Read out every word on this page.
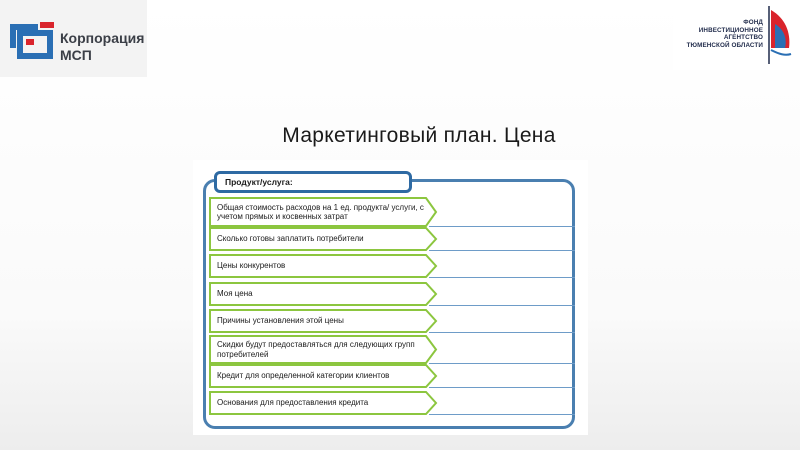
Корпорация
МСП
ФОНД
ИНВЕСТИЦИОННОЕ
АГЕНТСТВО
ТЮМЕНСКОЙ ОБЛАСТИ
Маркетинговый план. Цена
Продукт/услуга:
Общая стоимость расходов на 1 ед. продукта/ услуги, с учетом прямых и косвенных затрат
Сколько готовы заплатить потребители
Цены конкурентов
Моя цена
Причины установления этой цены
Скидки будут предоставляться для следующих групп потребителей
Кредит для определенной категории клиентов
Основания для предоставления кредита
